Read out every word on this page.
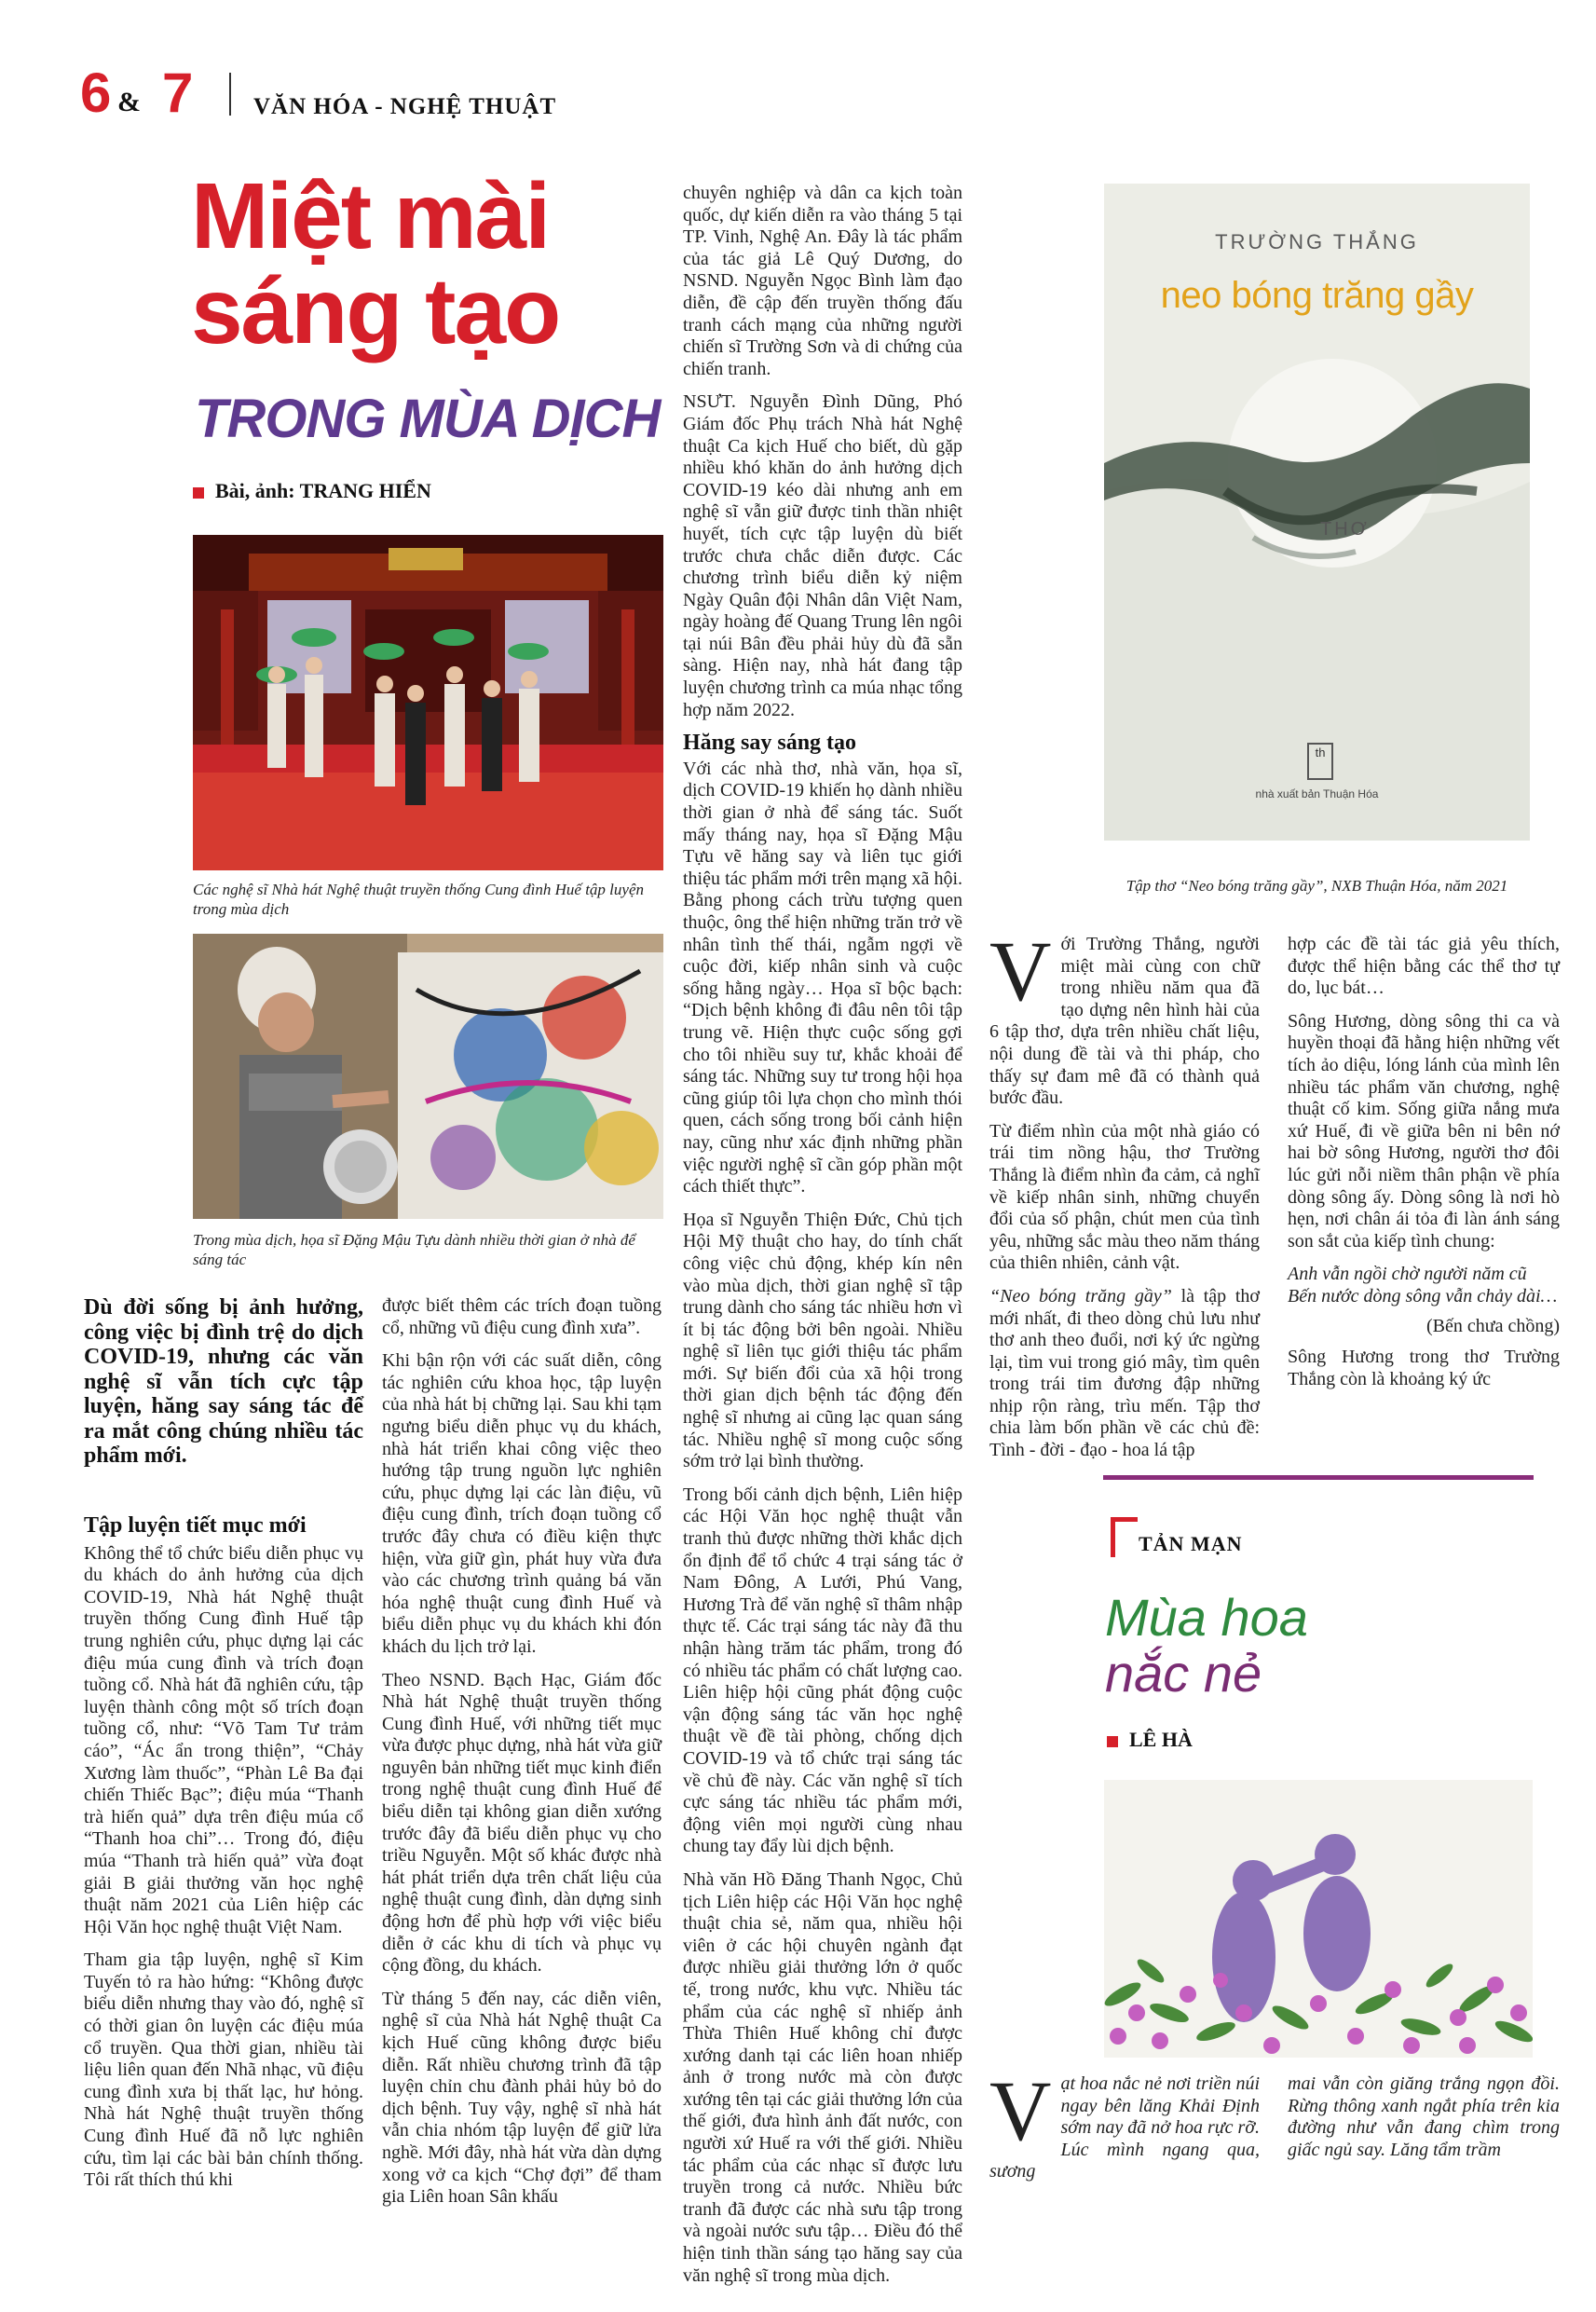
6 & 7	VĂN HÓA - NGHỆ THUẬT
Miệt mài
sáng tạo
TRONG MÙA DỊCH
Bài, ảnh: TRANG HIỂN
Các nghệ sĩ Nhà hát Nghệ thuật truyền thống Cung đình Huế tập luyện trong mùa dịch
Trong mùa dịch, họa sĩ Đặng Mậu Tựu dành nhiều thời gian ở nhà để sáng tác
Dù đời sống bị ảnh hưởng, công việc bị đình trệ do dịch COVID-19, nhưng các văn nghệ sĩ vẫn tích cực tập luyện, hăng say sáng tác để ra mắt công chúng nhiều tác phẩm mới.
Tập luyện tiết mục mới

Không thể tổ chức biểu diễn phục vụ du khách do ảnh hưởng của dịch COVID-19, Nhà hát Nghệ thuật truyền thống Cung đình Huế tập trung nghiên cứu, phục dựng lại các điệu múa cung đình và trích đoạn tuồng cổ. Nhà hát đã nghiên cứu, tập luyện thành công một số trích đoạn tuồng cổ, như: “Võ Tam Tư trảm cáo”, “Ác ẩn trong thiện”, “Chảy Xương làm thuốc”, “Phàn Lê Ba đại chiến Thiếc Bạc”; điệu múa “Thanh trà hiến quả” dựa trên điệu múa cổ “Thanh hoa chi”… Trong đó, điệu múa “Thanh trà hiến quả” vừa đoạt giải B giải thưởng văn học nghệ thuật năm 2021 của Liên hiệp các Hội Văn học nghệ thuật Việt Nam.

Tham gia tập luyện, nghệ sĩ Kim Tuyến tỏ ra hào hứng: “Không được biểu diễn nhưng thay vào đó, nghệ sĩ có thời gian ôn luyện các điệu múa cổ truyền. Qua thời gian, nhiều tài liệu liên quan đến Nhã nhạc, vũ điệu cung đình xưa bị thất lạc, hư hỏng. Nhà hát Nghệ thuật truyền thống Cung đình Huế đã nỗ lực nghiên cứu, tìm lại các bài bản chính thống. Tôi rất thích thú khi

được biết thêm các trích đoạn tuồng cổ, những vũ điệu cung đình xưa”.

Khi bận rộn với các suất diễn, công tác nghiên cứu khoa học, tập luyện của nhà hát bị chững lại. Sau khi tạm ngưng biểu diễn phục vụ du khách, nhà hát triển khai công việc theo hướng tập trung nguồn lực nghiên cứu, phục dựng lại các làn điệu, vũ điệu cung đình, trích đoạn tuồng cổ trước đây chưa có điều kiện thực hiện, vừa giữ gìn, phát huy vừa đưa vào các chương trình quảng bá văn hóa nghệ thuật cung đình Huế và biểu diễn phục vụ du khách khi đón khách du lịch trở lại.

Theo NSND. Bạch Hạc, Giám đốc Nhà hát Nghệ thuật truyền thống Cung đình Huế, với những tiết mục vừa được phục dựng, nhà hát vừa giữ nguyên bản những tiết mục kinh điển trong nghệ thuật cung đình Huế để biểu diễn tại không gian diễn xướng trước đây đã biểu diễn phục vụ cho triều Nguyễn. Một số khác được nhà hát phát triển dựa trên chất liệu của nghệ thuật cung đình, dàn dựng sinh động hơn để phù hợp với việc biểu diễn ở các khu di tích và phục vụ cộng đồng, du khách.

Từ tháng 5 đến nay, các diễn viên, nghệ sĩ của Nhà hát Nghệ thuật Ca kịch Huế cũng không được biểu diễn. Rất nhiều chương trình đã tập luyện chỉn chu đành phải hủy bỏ do dịch bệnh. Tuy vậy, nghệ sĩ nhà hát vẫn chia nhóm tập luyện để giữ lửa nghề. Mới đây, nhà hát vừa dàn dựng xong vở ca kịch “Chợ đợi” để tham gia Liên hoan Sân khấu

chuyên nghiệp và dân ca kịch toàn quốc, dự kiến diễn ra vào tháng 5 tại TP. Vinh, Nghệ An. Đây là tác phẩm của tác giả Lê Quý Dương, do NSND. Nguyễn Ngọc Bình làm đạo diễn, đề cập đến truyền thống đấu tranh cách mạng của những người chiến sĩ Trường Sơn và di chứng của chiến tranh.

NSƯT. Nguyễn Đình Dũng, Phó Giám đốc Phụ trách Nhà hát Nghệ thuật Ca kịch Huế cho biết, dù gặp nhiều khó khăn do ảnh hưởng dịch COVID-19 kéo dài nhưng anh em nghệ sĩ vẫn giữ được tinh thần nhiệt huyết, tích cực tập luyện dù biết trước chưa chắc diễn được. Các chương trình biểu diễn kỷ niệm Ngày Quân đội Nhân dân Việt Nam, ngày hoàng đế Quang Trung lên ngôi tại núi Bân đều phải hủy dù đã sẵn sàng. Hiện nay, nhà hát đang tập luyện chương trình ca múa nhạc tổng hợp năm 2022.

Hăng say sáng tạo

Với các nhà thơ, nhà văn, họa sĩ, dịch COVID-19 khiến họ dành nhiều thời gian ở nhà để sáng tác. Suốt mấy tháng nay, họa sĩ Đặng Mậu Tựu vẽ hăng say và liên tục giới thiệu tác phẩm mới trên mạng xã hội. Bằng phong cách trừu tượng quen thuộc, ông thể hiện những trăn trở về nhân tình thế thái, ngẫm ngợi về cuộc đời, kiếp nhân sinh và cuộc sống hằng ngày… Họa sĩ bộc bạch: “Dịch bệnh không đi đâu nên tôi tập trung vẽ. Hiện thực cuộc sống gợi cho tôi nhiều suy tư, khắc khoải để sáng tác. Những suy tư trong hội họa cũng giúp tôi lựa chọn cho mình thói quen, cách sống trong bối cảnh hiện nay, cũng như xác định những phần việc người nghệ sĩ cần góp phần một cách thiết thực”.

Họa sĩ Nguyễn Thiện Đức, Chủ tịch Hội Mỹ thuật cho hay, do tính chất công việc chủ động, khép kín nên vào mùa dịch, thời gian nghệ sĩ tập trung dành cho sáng tác nhiều hơn vì ít bị tác động bởi bên ngoài. Nhiều nghệ sĩ liên tục giới thiệu tác phẩm mới. Sự biến đổi của xã hội trong thời gian dịch bệnh tác động đến nghệ sĩ nhưng ai cũng lạc quan sáng tác. Nhiều nghệ sĩ mong cuộc sống sớm trở lại bình thường.

Trong bối cảnh dịch bệnh, Liên hiệp các Hội Văn học nghệ thuật vẫn tranh thủ được những thời khắc dịch ổn định để tổ chức 4 trại sáng tác ở Nam Đông, A Lưới, Phú Vang, Hương Trà để văn nghệ sĩ thâm nhập thực tế. Các trại sáng tác này đã thu nhận hàng trăm tác phẩm, trong đó có nhiều tác phẩm có chất lượng cao. Liên hiệp hội cũng phát động cuộc vận động sáng tác văn học nghệ thuật về đề tài phòng, chống dịch COVID-19 và tổ chức trại sáng tác về chủ đề này. Các văn nghệ sĩ tích cực sáng tác nhiều tác phẩm mới, động viên mọi người cùng nhau chung tay đẩy lùi dịch bệnh.

Nhà văn Hồ Đăng Thanh Ngọc, Chủ tịch Liên hiệp các Hội Văn học nghệ thuật chia sẻ, năm qua, nhiều hội viên ở các hội chuyên ngành đạt được nhiều giải thưởng lớn ở quốc tế, trong nước, khu vực. Nhiều tác phẩm của các nghệ sĩ nhiếp ảnh Thừa Thiên Huế không chỉ được xướng danh tại các liên hoan nhiếp ảnh ở trong nước mà còn được xướng tên tại các giải thưởng lớn của thế giới, đưa hình ảnh đất nước, con người xứ Huế ra với thế giới. Nhiều tác phẩm của các nhạc sĩ được lưu truyền trong cả nước. Nhiều bức tranh đã được các nhà sưu tập trong và ngoài nước sưu tập… Điều đó thể hiện tinh thần sáng tạo hăng say của văn nghệ sĩ trong mùa dịch.

TRƯỜNG THẮNG
neo bóng trăng gầy
THƠ
th
nhà xuất bản Thuận Hóa
Tập thơ “Neo bóng trăng gầy”, NXB Thuận Hóa, năm 2021

Với Trường Thắng, người miệt mài cùng con chữ trong nhiều năm qua đã tạo dựng nên hình hài của 6 tập thơ, dựa trên nhiều chất liệu, nội dung đề tài và thi pháp, cho thấy sự đam mê đã có thành quả bước đầu.

Từ điểm nhìn của một nhà giáo có trái tim nồng hậu, thơ Trường Thắng là điểm nhìn đa cảm, cả nghĩ về kiếp nhân sinh, những chuyển đổi của số phận, chút men của tình yêu, những sắc màu theo năm tháng của thiên nhiên, cảnh vật.

“Neo bóng trăng gầy” là tập thơ mới nhất, đi theo dòng chủ lưu như thơ anh theo đuổi, nơi ký ức ngừng lại, tìm vui trong gió mây, tìm quên trong trái tim đương đập những nhịp rộn ràng, trìu mến. Tập thơ chia làm bốn phần về các chủ đề: Tình - đời - đạo - hoa lá tập

hợp các đề tài tác giả yêu thích, được thể hiện bằng các thể thơ tự do, lục bát…

Sông Hương, dòng sông thi ca và huyền thoại đã hằng hiện những vết tích ảo diệu, lóng lánh của mình lên nhiều tác phẩm văn chương, nghệ thuật cố kim. Sống giữa nắng mưa xứ Huế, đi về giữa bên ni bên nớ hai bờ sông Hương, người thơ đôi lúc gửi nỗi niềm thân phận về phía dòng sông ấy. Dòng sông là nơi hò hẹn, nơi chân ái tỏa đi làn ánh sáng son sắt của kiếp tình chung:

Anh vẫn ngồi chờ người năm cũ
Bến nước dòng sông vẫn chảy dài…
(Bến chưa chồng)

Sông Hương trong thơ Trường Thắng còn là khoảng ký ức

TẢN MẠN
Mùa hoa
nắc nẻ
LÊ HÀ

Vạt hoa nắc nẻ nơi triền núi ngay bên lăng Khải Định sớm nay đã nở hoa rực rỡ. Lúc mình ngang qua, sương

mai vẫn còn giăng trắng ngọn đồi. Rừng thông xanh ngắt phía trên kia đường như vẫn đang chìm trong giấc ngủ say. Lăng tẩm trầm
